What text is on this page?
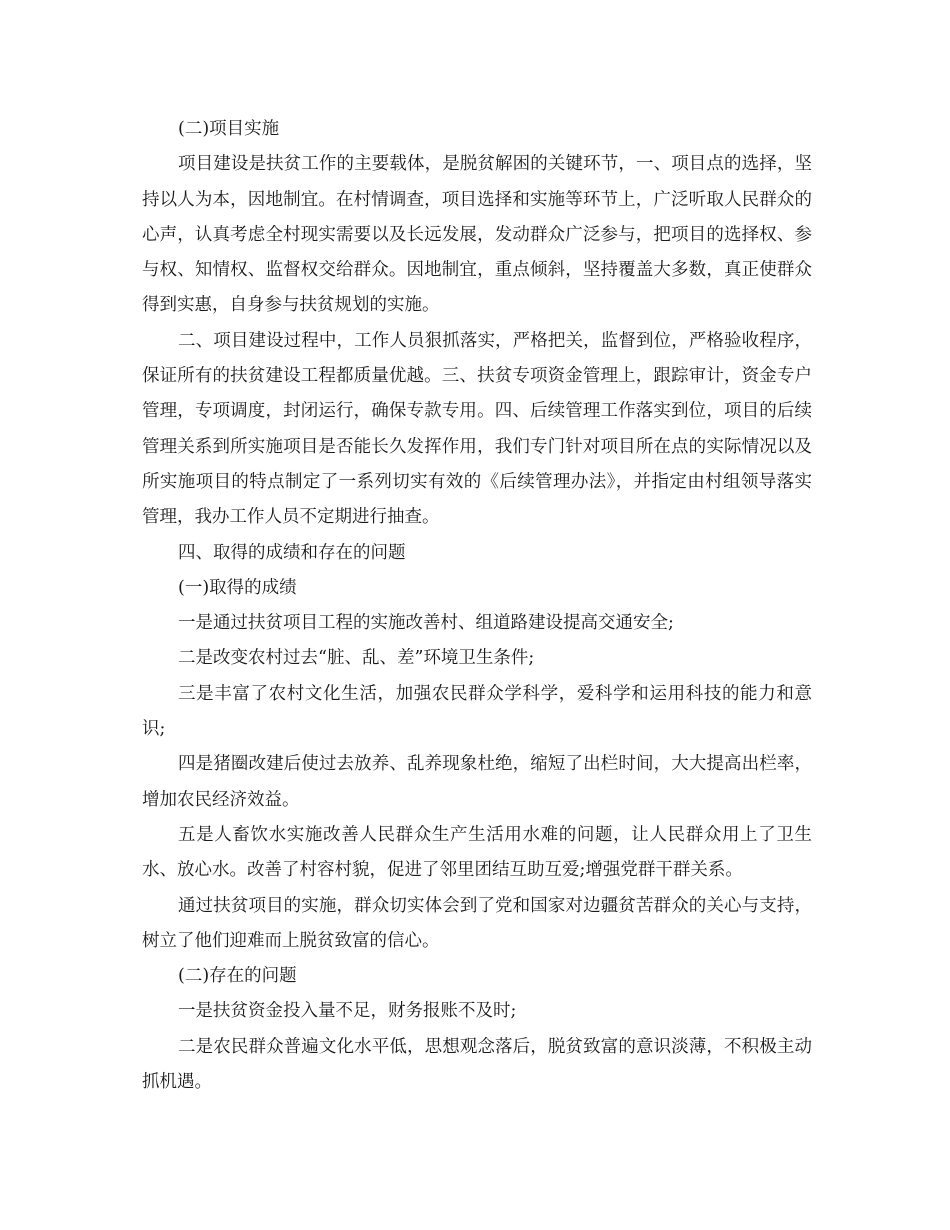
(二)项目实施

项目建设是扶贫工作的主要载体，是脱贫解困的关键环节，一、项目点的选择，坚持以人为本，因地制宜。在村情调查，项目选择和实施等环节上，广泛听取人民群众的心声，认真考虑全村现实需要以及长远发展，发动群众广泛参与，把项目的选择权、参与权、知情权、监督权交给群众。因地制宜，重点倾斜，坚持覆盖大多数，真正使群众得到实惠，自身参与扶贫规划的实施。

二、项目建设过程中，工作人员狠抓落实，严格把关，监督到位，严格验收程序，保证所有的扶贫建设工程都质量优越。三、扶贫专项资金管理上，跟踪审计，资金专户管理，专项调度，封闭运行，确保专款专用。四、后续管理工作落实到位，项目的后续管理关系到所实施项目是否能长久发挥作用，我们专门针对项目所在点的实际情况以及所实施项目的特点制定了一系列切实有效的《后续管理办法》，并指定由村组领导落实管理，我办工作人员不定期进行抽查。

四、取得的成绩和存在的问题

(一)取得的成绩

一是通过扶贫项目工程的实施改善村、组道路建设提高交通安全;

二是改变农村过去“脏、乱、差”环境卫生条件;

三是丰富了农村文化生活，加强农民群众学科学，爱科学和运用科技的能力和意识;

四是猪圈改建后使过去放养、乱养现象杜绝，缩短了出栏时间，大大提高出栏率，增加农民经济效益。

五是人畜饮水实施改善人民群众生产生活用水难的问题，让人民群众用上了卫生水、放心水。改善了村容村貌，促进了邻里团结互助互爱;增强党群干群关系。

通过扶贫项目的实施，群众切实体会到了党和国家对边疆贫苦群众的关心与支持，树立了他们迎难而上脱贫致富的信心。

(二)存在的问题

一是扶贫资金投入量不足，财务报账不及时;

二是农民群众普遍文化水平低，思想观念落后，脱贫致富的意识淡薄，不积极主动抓机遇。
